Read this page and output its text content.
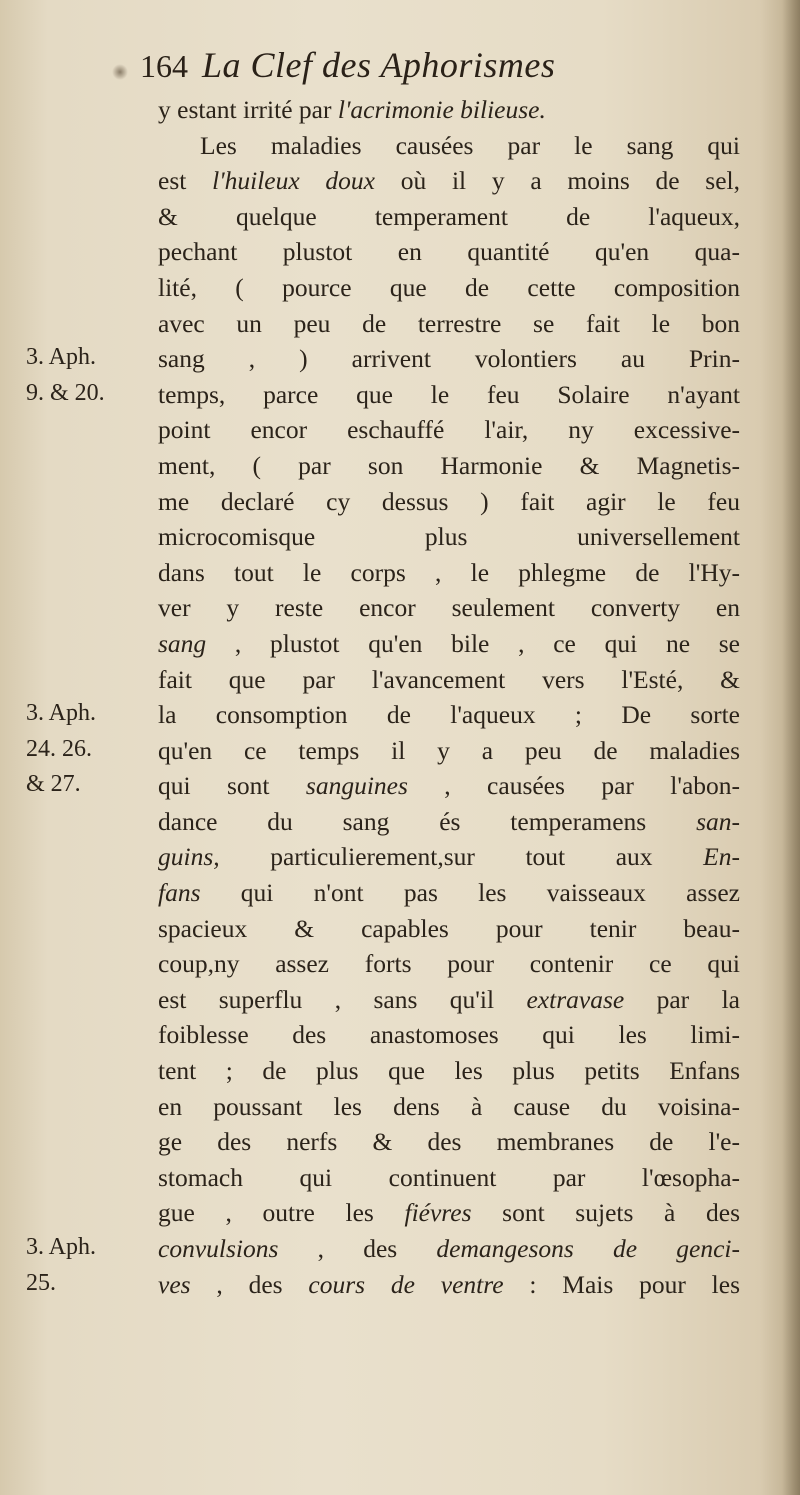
164 La Clef des Aphorismes
3. Aph.
9. & 20.
3. Aph.
24. 26.
& 27.
3. Aph.
25.
y estant irrité par l'acrimonie bilieuse.
Les maladies causées par le sang qui
est l'huileux doux où il y a moins de sel,
& quelque temperament de l'aqueux,
pechant plustot en quantité qu'en qua-
lité, ( pource que de cette composition
avec un peu de terrestre se fait le bon
sang , ) arrivent volontiers au Prin-
temps, parce que le feu Solaire n'ayant
point encor eschauffé l'air, ny excessive-
ment, ( par son Harmonie & Magnetis-
me declaré cy dessus ) fait agir le feu
microcomisque plus universellement
dans tout le corps , le phlegme de l'Hy-
ver y reste encor seulement converty en
sang , plustot qu'en bile , ce qui ne se
fait que par l'avancement vers l'Esté, &
la consomption de l'aqueux ; De sorte
qu'en ce temps il y a peu de maladies
qui sont sanguines , causées par l'abon-
dance du sang és temperamens san-
guins, particulierement,sur tout aux En-
fans qui n'ont pas les vaisseaux assez
spacieux & capables pour tenir beau-
coup,ny assez forts pour contenir ce qui
est superflu , sans qu'il extravase par la
foiblesse des anastomoses qui les limi-
tent ; de plus que les plus petits Enfans
en poussant les dens à cause du voisina-
ge des nerfs & des membranes de l'e-
stomach qui continuent par l'œsopha-
gue , outre les fiévres sont sujets à des
convulsions , des demangesons de genci-
ves , des cours de ventre : Mais pour les
